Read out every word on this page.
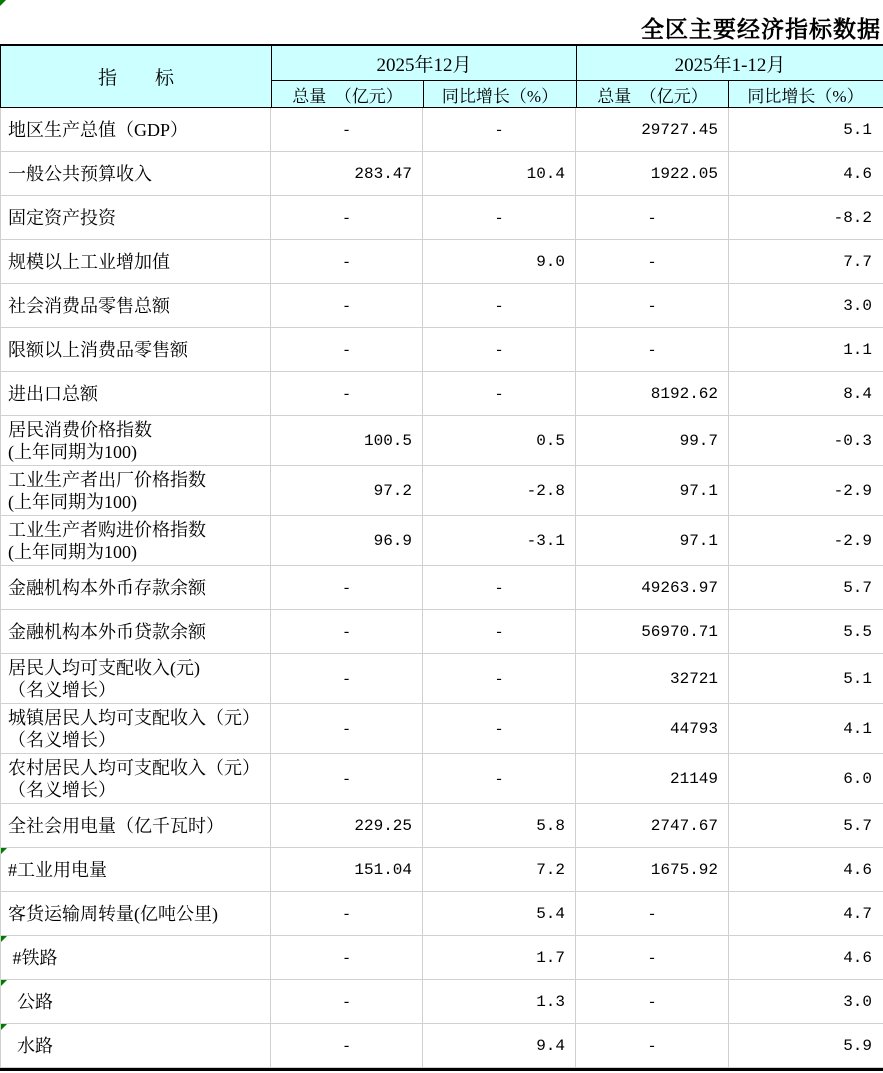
全区主要经济指标数据
指　　标
2025年12月
总量　（亿元）	同比增长（%）
2025年1-12月
总量　（亿元）	同比增长（%）
地区生产总值（GDP）	-	-	29727.45	5.1
一般公共预算收入	283.47	10.4	1922.05	4.6
固定资产投资	-	-	-	-8.2
规模以上工业增加值	-	9.0	-	7.7
社会消费品零售总额	-	-	-	3.0
限额以上消费品零售额	-	-	-	1.1
进出口总额	-	-	8192.62	8.4
居民消费价格指数
(上年同期为100)
100.5	0.5	99.7	-0.3
工业生产者出厂价格指数
(上年同期为100)
97.2	-2.8	97.1	-2.9
工业生产者购进价格指数
(上年同期为100)
96.9	-3.1	97.1	-2.9
金融机构本外币存款余额	-	-	49263.97	5.7
金融机构本外币贷款余额	-	-	56970.71	5.5
居民人均可支配收入(元)
（名义增长）
-	-	32721	5.1
城镇居民人均可支配收入（元）
（名义增长）
-	-	44793	4.1
农村居民人均可支配收入（元）
（名义增长）
-	-	21149	6.0
全社会用电量（亿千瓦时）	229.25	5.8	2747.67	5.7
#工业用电量	151.04	7.2	1675.92	4.6
客货运输周转量(亿吨公里)	-	5.4	-	4.7
#铁路	-	1.7	-	4.6
公路	-	1.3	-	3.0
水路	-	9.4	-	5.9
